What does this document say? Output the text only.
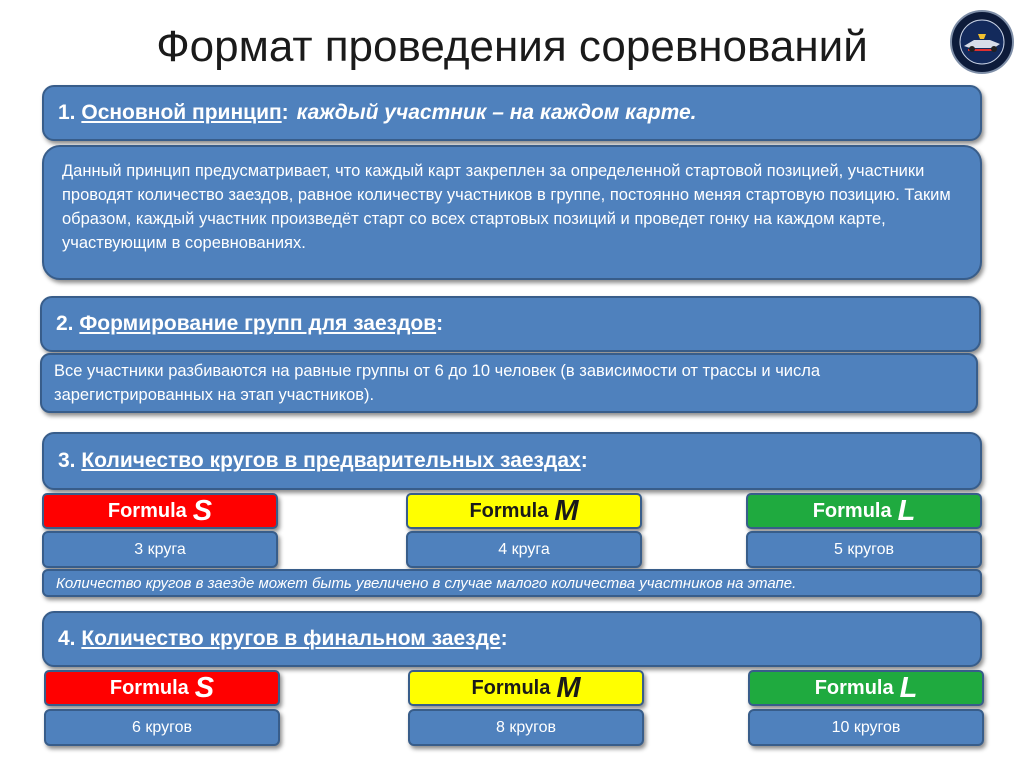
Формат проведения соревнований
1.
Основной принцип : каждый участник – на каждом карте.
Данный принцип предусматривает, что каждый карт закреплен за определенной стартовой позицией, участники проводят количество заездов, равное количеству участников в группе, постоянно меняя стартовую позицию. Таким образом, каждый участник произведёт старт со всех стартовых позиций и проведет гонку на каждом карте, участвующим в соревнованиях.
2.
Формирование групп для заездов :
Все участники разбиваются на равные группы от 6 до 10 человек (в зависимости от трассы и числа зарегистрированных на этап участников).
3.
Количество кругов в предварительных заездах :
Formula S	Formula M	Formula L
3 круга	4 круга	5 кругов
Количество кругов в заезде может быть увеличено в случае малого количества участников на этапе.
4.
Количество кругов в финальном заезде :
Formula S	Formula M	Formula L
6 кругов	8 кругов	10 кругов
